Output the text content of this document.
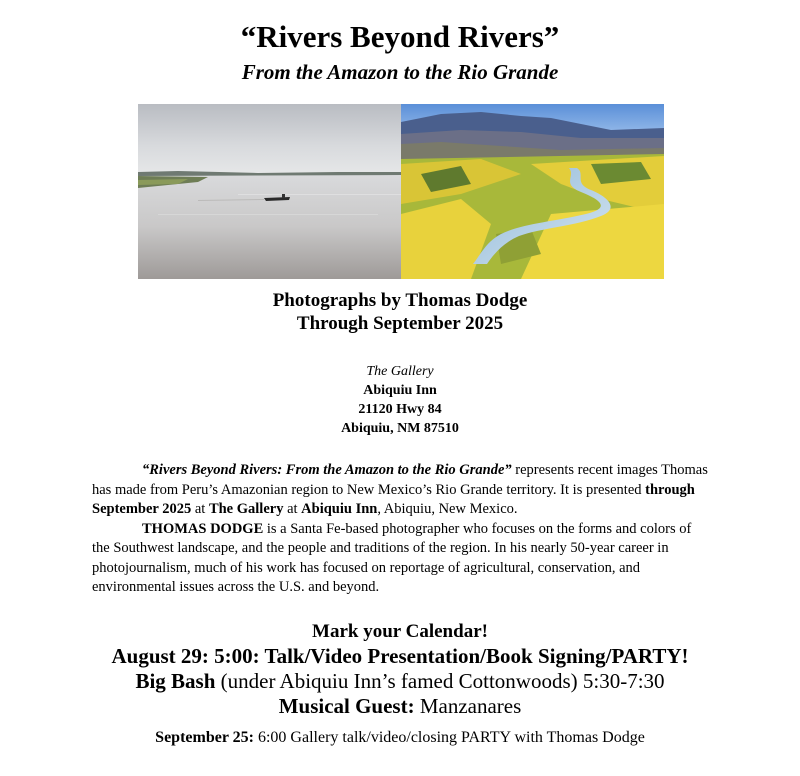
“Rivers Beyond Rivers”
From the Amazon to the Rio Grande
Photographs by Thomas Dodge
Through September 2025
The Gallery
Abiquiu Inn
21120 Hwy 84
Abiquiu, NM 87510

“Rivers Beyond Rivers: From the Amazon to the Rio Grande” represents recent images Thomas has made from Peru’s Amazonian region to New Mexico’s Rio Grande territory. It is presented through September 2025 at The Gallery at Abiquiu Inn, Abiquiu, New Mexico.

THOMAS DODGE is a Santa Fe-based photographer who focuses on the forms and colors of the Southwest landscape, and the people and traditions of the region. In his nearly 50-year career in photojournalism, much of his work has focused on reportage of agricultural, conservation, and environmental issues across the U.S. and beyond.

Mark your Calendar!
August 29: 5:00: Talk/Video Presentation/Book Signing/PARTY!
Big Bash (under Abiquiu Inn’s famed Cottonwoods) 5:30-7:30
Musical Guest: Manzanares
September 25: 6:00 Gallery talk/video/closing PARTY with Thomas Dodge
